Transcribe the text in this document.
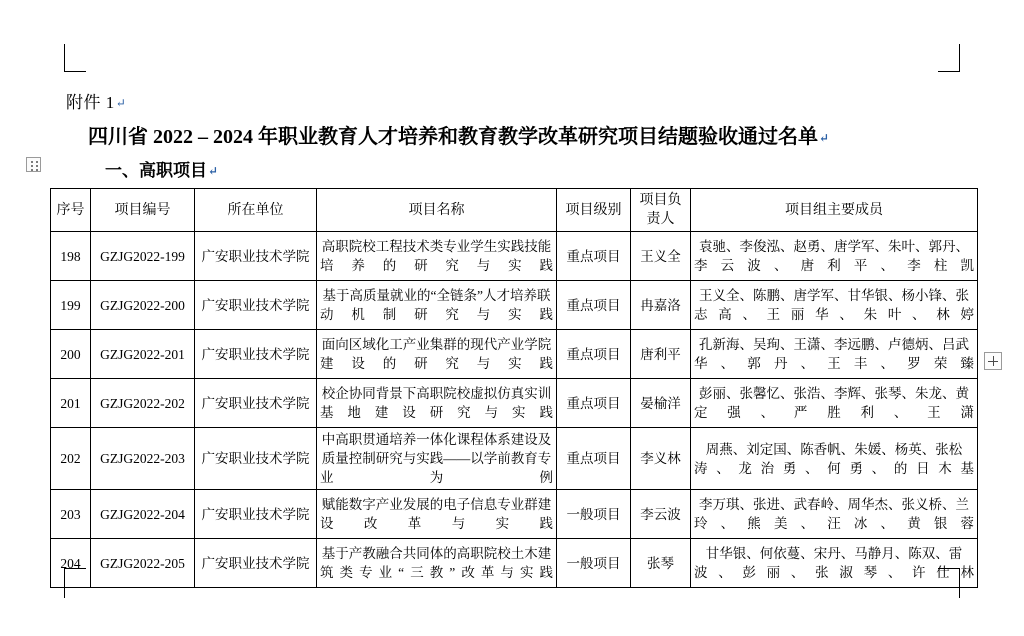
附件 1↵
四川省 2022 – 2024 年职业教育人才培养和教育教学改革研究项目结题验收通过名单↵
一、高职项目↵
序号	项目编号	所在单位	项目名称	项目级别	项目负责人	项目组主要成员
198	GZJG2022-199	广安职业技术学院	高职院校工程技术类专业学生实践技能培养的研究与实践	重点项目	王义全	袁驰、李俊泓、赵勇、唐学军、朱叶、郭丹、李云波、唐利平、李柱凯
199	GZJG2022-200	广安职业技术学院	基于高质量就业的“全链条”人才培养联动机制研究与实践	重点项目	冉嘉洛	王义全、陈鹏、唐学军、甘华银、杨小锋、张志高、王丽华、朱叶、林婷
200	GZJG2022-201	广安职业技术学院	面向区域化工产业集群的现代产业学院建设的研究与实践	重点项目	唐利平	孔新海、吴珣、王潇、李远鹏、卢德炳、吕武华、郭丹、王丰、罗荣臻
201	GZJG2022-202	广安职业技术学院	校企协同背景下高职院校虚拟仿真实训基地建设研究与实践	重点项目	晏榆洋	彭丽、张馨忆、张浩、李辉、张琴、朱龙、黄定强、严胜利、王潇
202	GZJG2022-203	广安职业技术学院	中高职贯通培养一体化课程体系建设及质量控制研究与实践——以学前教育专业为例	重点项目	李义林	周燕、刘定国、陈香帆、朱媛、杨英、张松涛、龙治勇、何勇、的日木基
203	GZJG2022-204	广安职业技术学院	赋能数字产业发展的电子信息专业群建设改革与实践	一般项目	李云波	李万琪、张进、武春岭、周华杰、张义桥、兰玲、熊美、汪冰、黄银蓉
204	GZJG2022-205	广安职业技术学院	基于产教融合共同体的高职院校土木建筑类专业“三教”改革与实践	一般项目	张琴	甘华银、何依蔓、宋丹、马静月、陈双、雷波、彭丽、张淑琴、许仕林
